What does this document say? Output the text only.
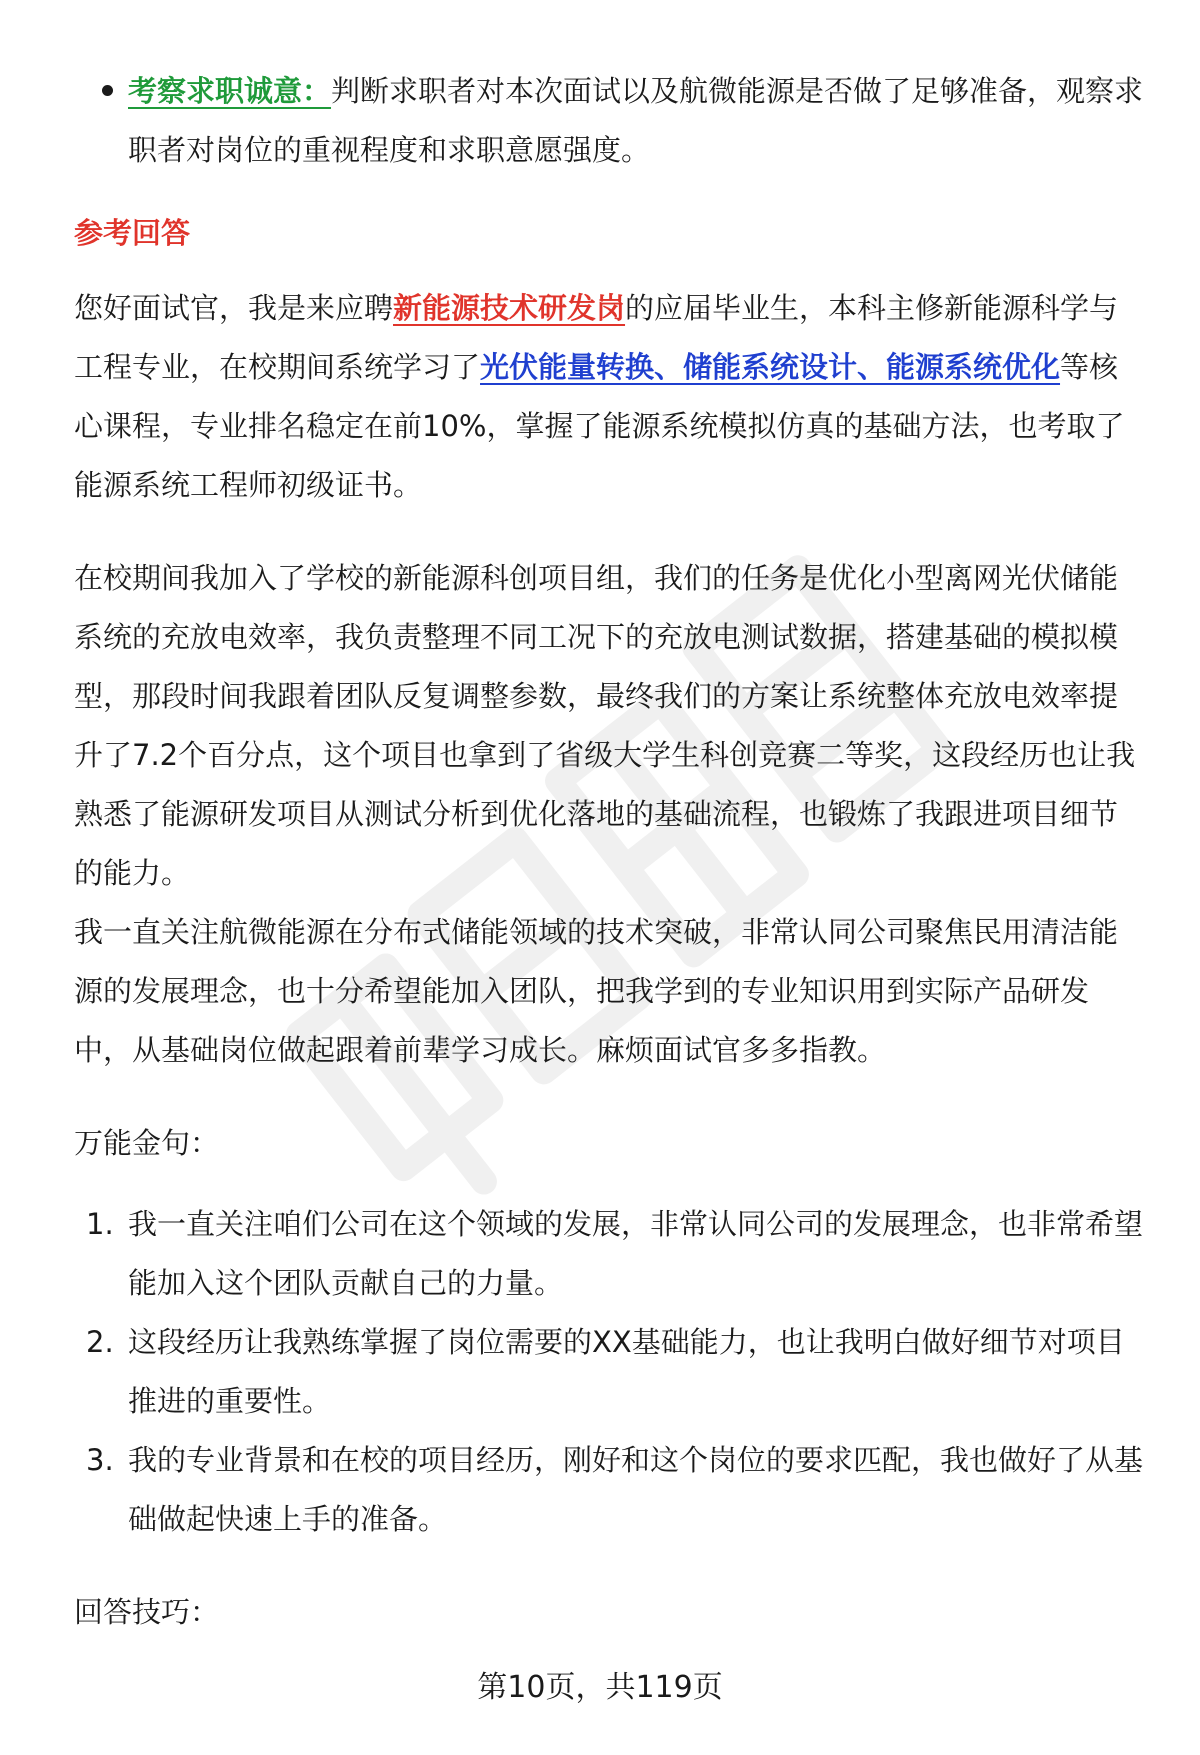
考察求职诚意：判断求职者对本次面试以及航微能源是否做了足够准备，观察求职者对岗位的重视程度和求职意愿强度。

参考回答

您好面试官，我是来应聘新能源技术研发岗的应届毕业生，本科主修新能源科学与工程专业，在校期间系统学习了光伏能量转换、储能系统设计、能源系统优化等核心课程，专业排名稳定在前10%，掌握了能源系统模拟仿真的基础方法，也考取了能源系统工程师初级证书。

在校期间我加入了学校的新能源科创项目组，我们的任务是优化小型离网光伏储能系统的充放电效率，我负责整理不同工况下的充放电测试数据，搭建基础的模拟模型，那段时间我跟着团队反复调整参数，最终我们的方案让系统整体充放电效率提升了7.2个百分点，这个项目也拿到了省级大学生科创竞赛二等奖，这段经历也让我熟悉了能源研发项目从测试分析到优化落地的基础流程，也锻炼了我跟进项目细节的能力。

我一直关注航微能源在分布式储能领域的技术突破，非常认同公司聚焦民用清洁能源的发展理念，也十分希望能加入团队，把我学到的专业知识用到实际产品研发中，从基础岗位做起跟着前辈学习成长。麻烦面试官多多指教。

万能金句：

1. 我一直关注咱们公司在这个领域的发展，非常认同公司的发展理念，也非常希望能加入这个团队贡献自己的力量。
2. 这段经历让我熟练掌握了岗位需要的XX基础能力，也让我明白做好细节对项目推进的重要性。
3. 我的专业背景和在校的项目经历，刚好和这个岗位的要求匹配，我也做好了从基础做起快速上手的准备。

回答技巧：

第10页，共119页
